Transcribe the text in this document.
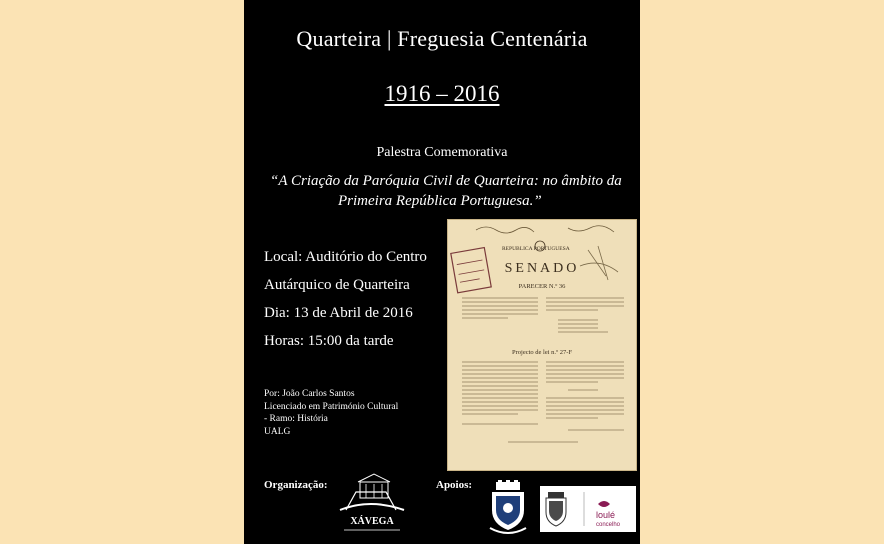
Quarteira | Freguesia Centenária
1916 – 2016
Palestra Comemorativa
“A Criação da Paróquia Civil de Quarteira: no âmbito da
Primeira República Portuguesa.”
Local: Auditório do Centro
Autárquico de Quarteira
Dia: 13 de Abril de 2016
Horas: 15:00 da tarde
Por: João Carlos Santos
Licenciado em Património Cultural
- Ramo: História
UALG
REPUBLICA PORTUGUESA
SENADO
PARECER N.º 36
Projecto de lei n.º 27-F
Organização:	Apoios:
XÁVEGA
loulé
concelho
